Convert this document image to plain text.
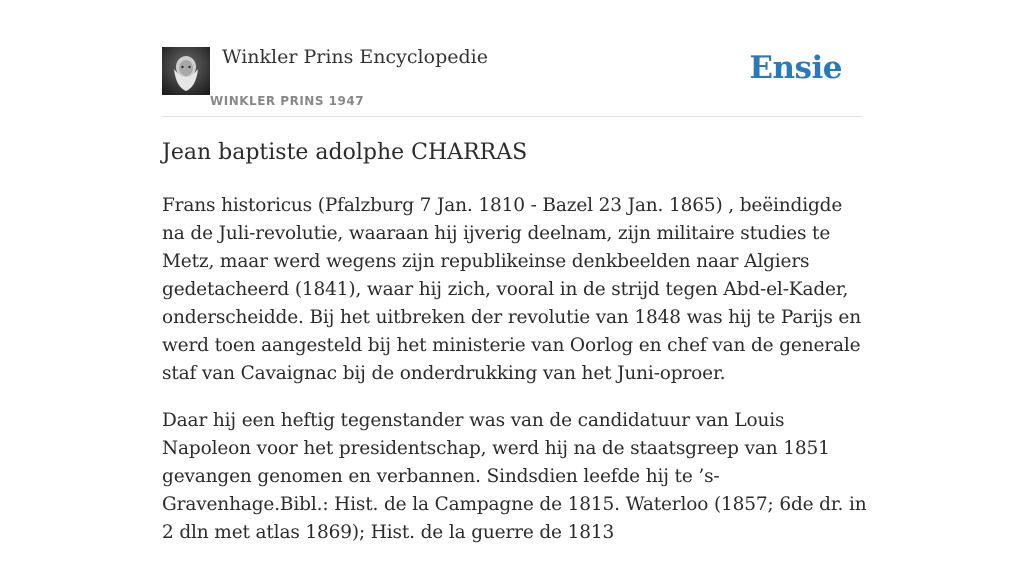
Winkler Prins Encyclopedie
WINKLER PRINS 1947
Ensie
Jean baptiste adolphe CHARRAS

Frans historicus (Pfalzburg 7 Jan. 1810 - Bazel 23 Jan. 1865) , beëindigde na de Juli-revolutie, waaraan hij ijverig deelnam, zijn militaire studies te Metz, maar werd wegens zijn republikeinse denkbeelden naar Algiers gedetacheerd (1841), waar hij zich, vooral in de strijd tegen Abd-el-Kader, onderscheidde. Bij het uitbreken der revolutie van 1848 was hij te Parijs en werd toen aangesteld bij het ministerie van Oorlog en chef van de generale staf van Cavaignac bij de onderdrukking van het Juni-oproer.

Daar hij een heftig tegenstander was van de candidatuur van Louis Napoleon voor het presidentschap, werd hij na de staatsgreep van 1851 gevangen genomen en verbannen. Sindsdien leefde hij te ’s-Gravenhage.Bibl.: Hist. de la Campagne de 1815. Waterloo (1857; 6de dr. in 2 dln met atlas 1869); Hist. de la guerre de 1813
